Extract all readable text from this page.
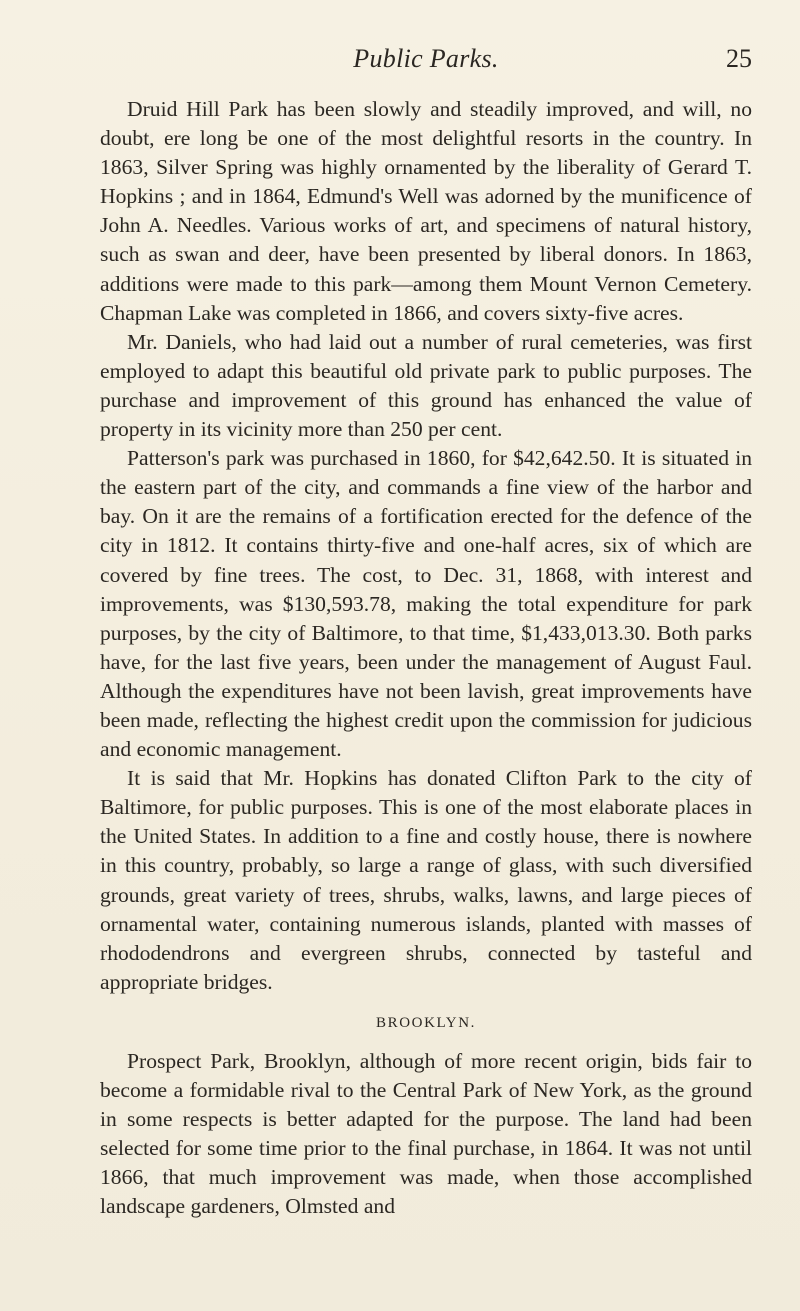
Public Parks.	25

Druid Hill Park has been slowly and steadily improved, and will, no doubt, ere long be one of the most delightful resorts in the country. In 1863, Silver Spring was highly ornamented by the liberality of Gerard T. Hopkins ; and in 1864, Edmund's Well was adorned by the munificence of John A. Needles. Various works of art, and specimens of natural history, such as swan and deer, have been presented by liberal donors. In 1863, additions were made to this park—among them Mount Vernon Cemetery. Chapman Lake was completed in 1866, and covers sixty-five acres.

Mr. Daniels, who had laid out a number of rural cemeteries, was first employed to adapt this beautiful old private park to public purposes. The purchase and improvement of this ground has enhanced the value of property in its vicinity more than 250 per cent.

Patterson's park was purchased in 1860, for $42,642.50. It is situated in the eastern part of the city, and commands a fine view of the harbor and bay. On it are the remains of a fortification erected for the defence of the city in 1812. It contains thirty-five and one-half acres, six of which are covered by fine trees. The cost, to Dec. 31, 1868, with interest and improvements, was $130,593.78, making the total expenditure for park purposes, by the city of Baltimore, to that time, $1,433,013.30. Both parks have, for the last five years, been under the management of August Faul. Although the expenditures have not been lavish, great improvements have been made, reflecting the highest credit upon the commission for judicious and economic management.

It is said that Mr. Hopkins has donated Clifton Park to the city of Baltimore, for public purposes. This is one of the most elaborate places in the United States. In addition to a fine and costly house, there is nowhere in this country, probably, so large a range of glass, with such diversified grounds, great variety of trees, shrubs, walks, lawns, and large pieces of ornamental water, containing numerous islands, planted with masses of rhododendrons and evergreen shrubs, connected by tasteful and appropriate bridges.

BROOKLYN.

Prospect Park, Brooklyn, although of more recent origin, bids fair to become a formidable rival to the Central Park of New York, as the ground in some respects is better adapted for the purpose. The land had been selected for some time prior to the final purchase, in 1864. It was not until 1866, that much improvement was made, when those accomplished landscape gardeners, Olmsted and
